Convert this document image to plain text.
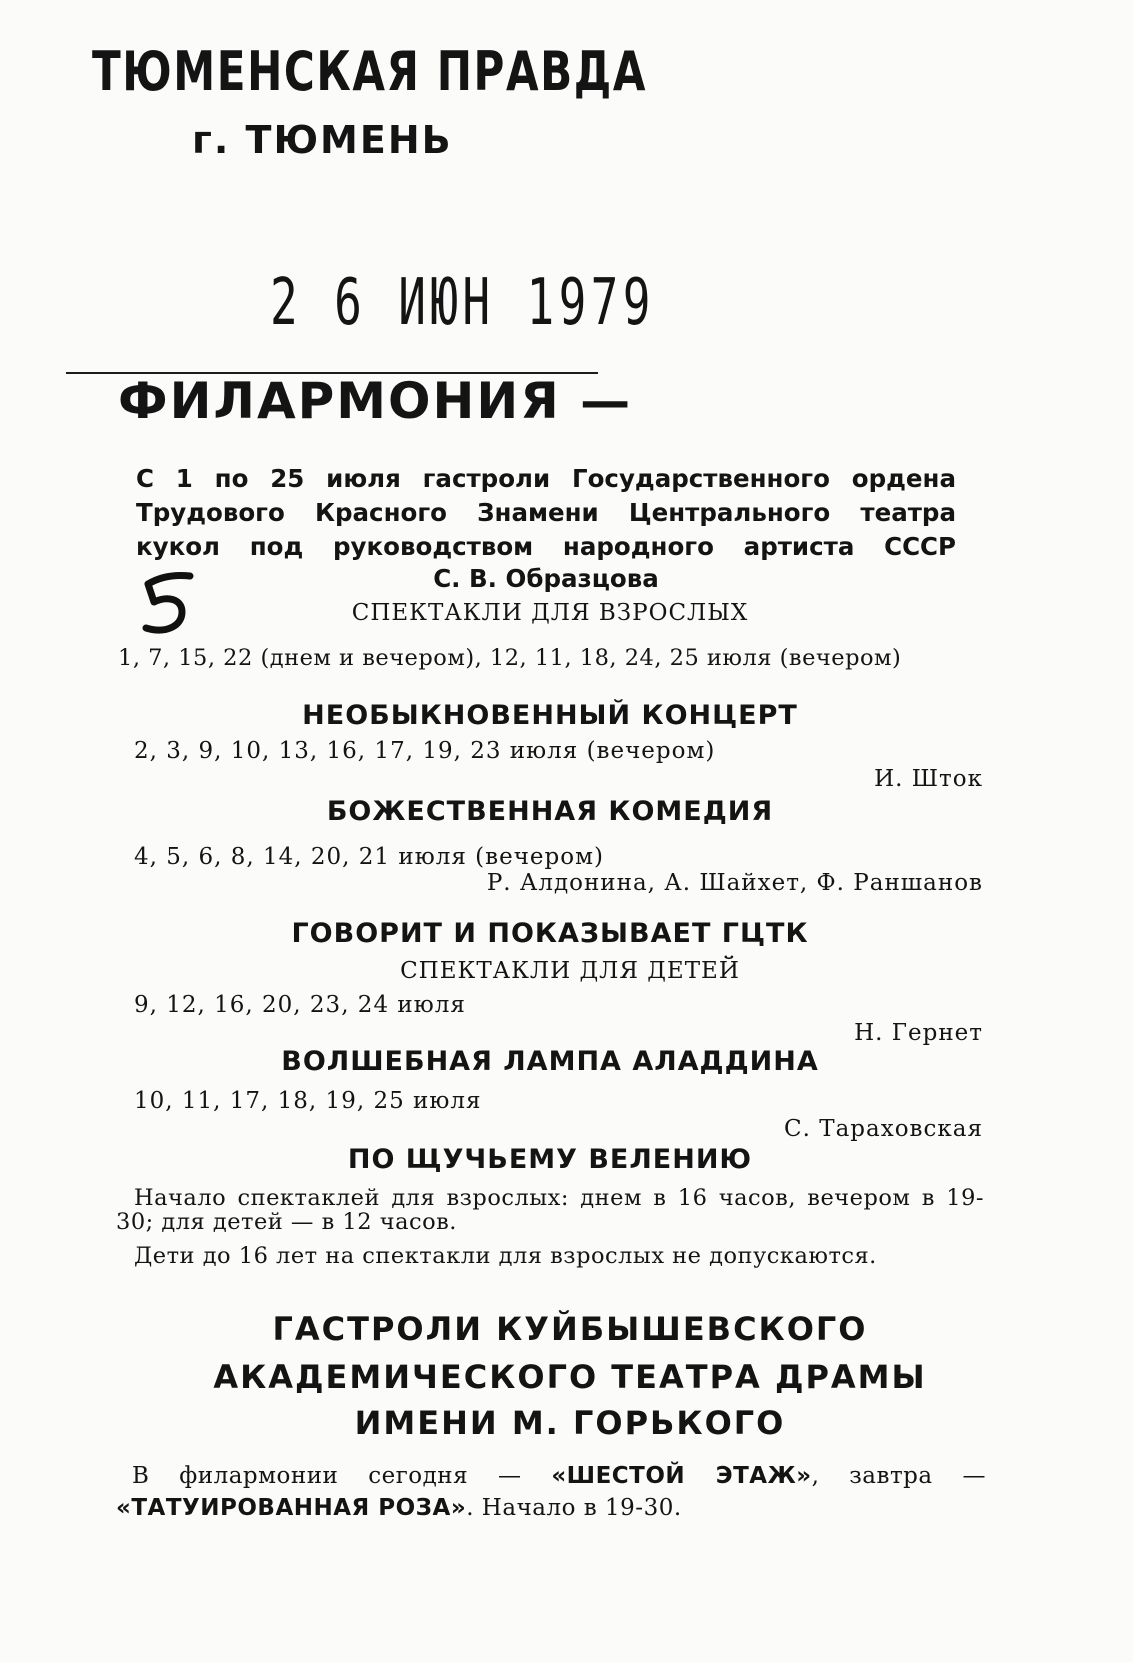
ТЮМЕНСКАЯ ПРАВДА
г. ТЮМЕНЬ
2 6 ИЮН 1979
ФИЛАРМОНИЯ —
С 1 по 25 июля гастроли Государственного ордена Трудового Красного Знамени Центрального театра кукол под руководством народного артиста СССР
С. В. Образцова
СПЕКТАКЛИ ДЛЯ ВЗРОСЛЫХ
1, 7, 15, 22 (днем и вечером), 12, 11, 18, 24, 25 июля (вечером)
НЕОБЫКНОВЕННЫЙ КОНЦЕРТ
2, 3, 9, 10, 13, 16, 17, 19, 23 июля (вечером)
И. Шток
БОЖЕСТВЕННАЯ КОМЕДИЯ
4, 5, 6, 8, 14, 20, 21 июля (вечером)
Р. Алдонина, А. Шайхет, Ф. Раншанов
ГОВОРИТ И ПОКАЗЫВАЕТ ГЦТК
СПЕКТАКЛИ ДЛЯ ДЕТЕЙ
9, 12, 16, 20, 23, 24 июля
Н. Гернет
ВОЛШЕБНАЯ ЛАМПА АЛАДДИНА
10, 11, 17, 18, 19, 25 июля
С. Тараховская
ПО ЩУЧЬЕМУ ВЕЛЕНИЮ
Начало спектаклей для взрослых: днем в 16 часов, вечером в 19-30; для детей — в 12 часов.
Дети до 16 лет на спектакли для взрослых не допускаются.
ГАСТРОЛИ КУЙБЫШЕВСКОГО
АКАДЕМИЧЕСКОГО ТЕАТРА ДРАМЫ
ИМЕНИ М. ГОРЬКОГО
В филармонии сегодня — «ШЕСТОЙ ЭТАЖ», завтра — «ТАТУИРОВАННАЯ РОЗА». Начало в 19-30.
